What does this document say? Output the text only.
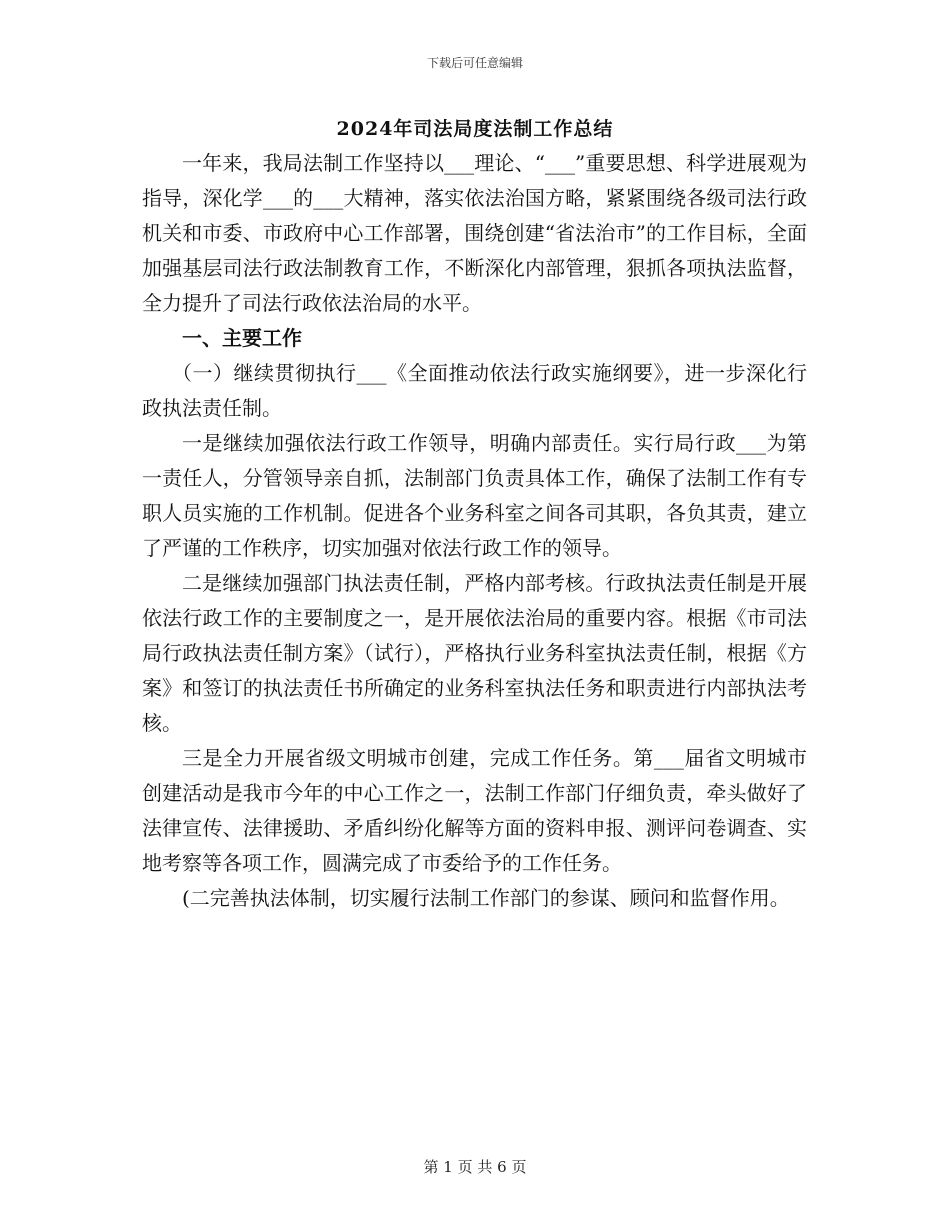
下载后可任意编辑
2024年司法局度法制工作总结

一年来，我局法制工作坚持以___理论、“___”重要思想、科学进展观为指导，深化学___的___大精神，落实依法治国方略，紧紧围绕各级司法行政机关和市委、市政府中心工作部署，围绕创建“省法治市”的工作目标，全面加强基层司法行政法制教育工作，不断深化内部管理，狠抓各项执法监督，全力提升了司法行政依法治局的水平。

一、主要工作

（一）继续贯彻执行___《全面推动依法行政实施纲要》，进一步深化行政执法责任制。

一是继续加强依法行政工作领导，明确内部责任。实行局行政___为第一责任人，分管领导亲自抓，法制部门负责具体工作，确保了法制工作有专职人员实施的工作机制。促进各个业务科室之间各司其职，各负其责，建立了严谨的工作秩序，切实加强对依法行政工作的领导。

二是继续加强部门执法责任制，严格内部考核。行政执法责任制是开展依法行政工作的主要制度之一，是开展依法治局的重要内容。根据《市司法局行政执法责任制方案》（试行），严格执行业务科室执法责任制，根据《方案》和签订的执法责任书所确定的业务科室执法任务和职责进行内部执法考核。

三是全力开展省级文明城市创建，完成工作任务。第___届省文明城市创建活动是我市今年的中心工作之一，法制工作部门仔细负责，牵头做好了法律宣传、法律援助、矛盾纠纷化解等方面的资料申报、测评问卷调查、实地考察等各项工作，圆满完成了市委给予的工作任务。

(二完善执法体制，切实履行法制工作部门的参谋、顾问和监督作用。

第 1 页 共 6 页
